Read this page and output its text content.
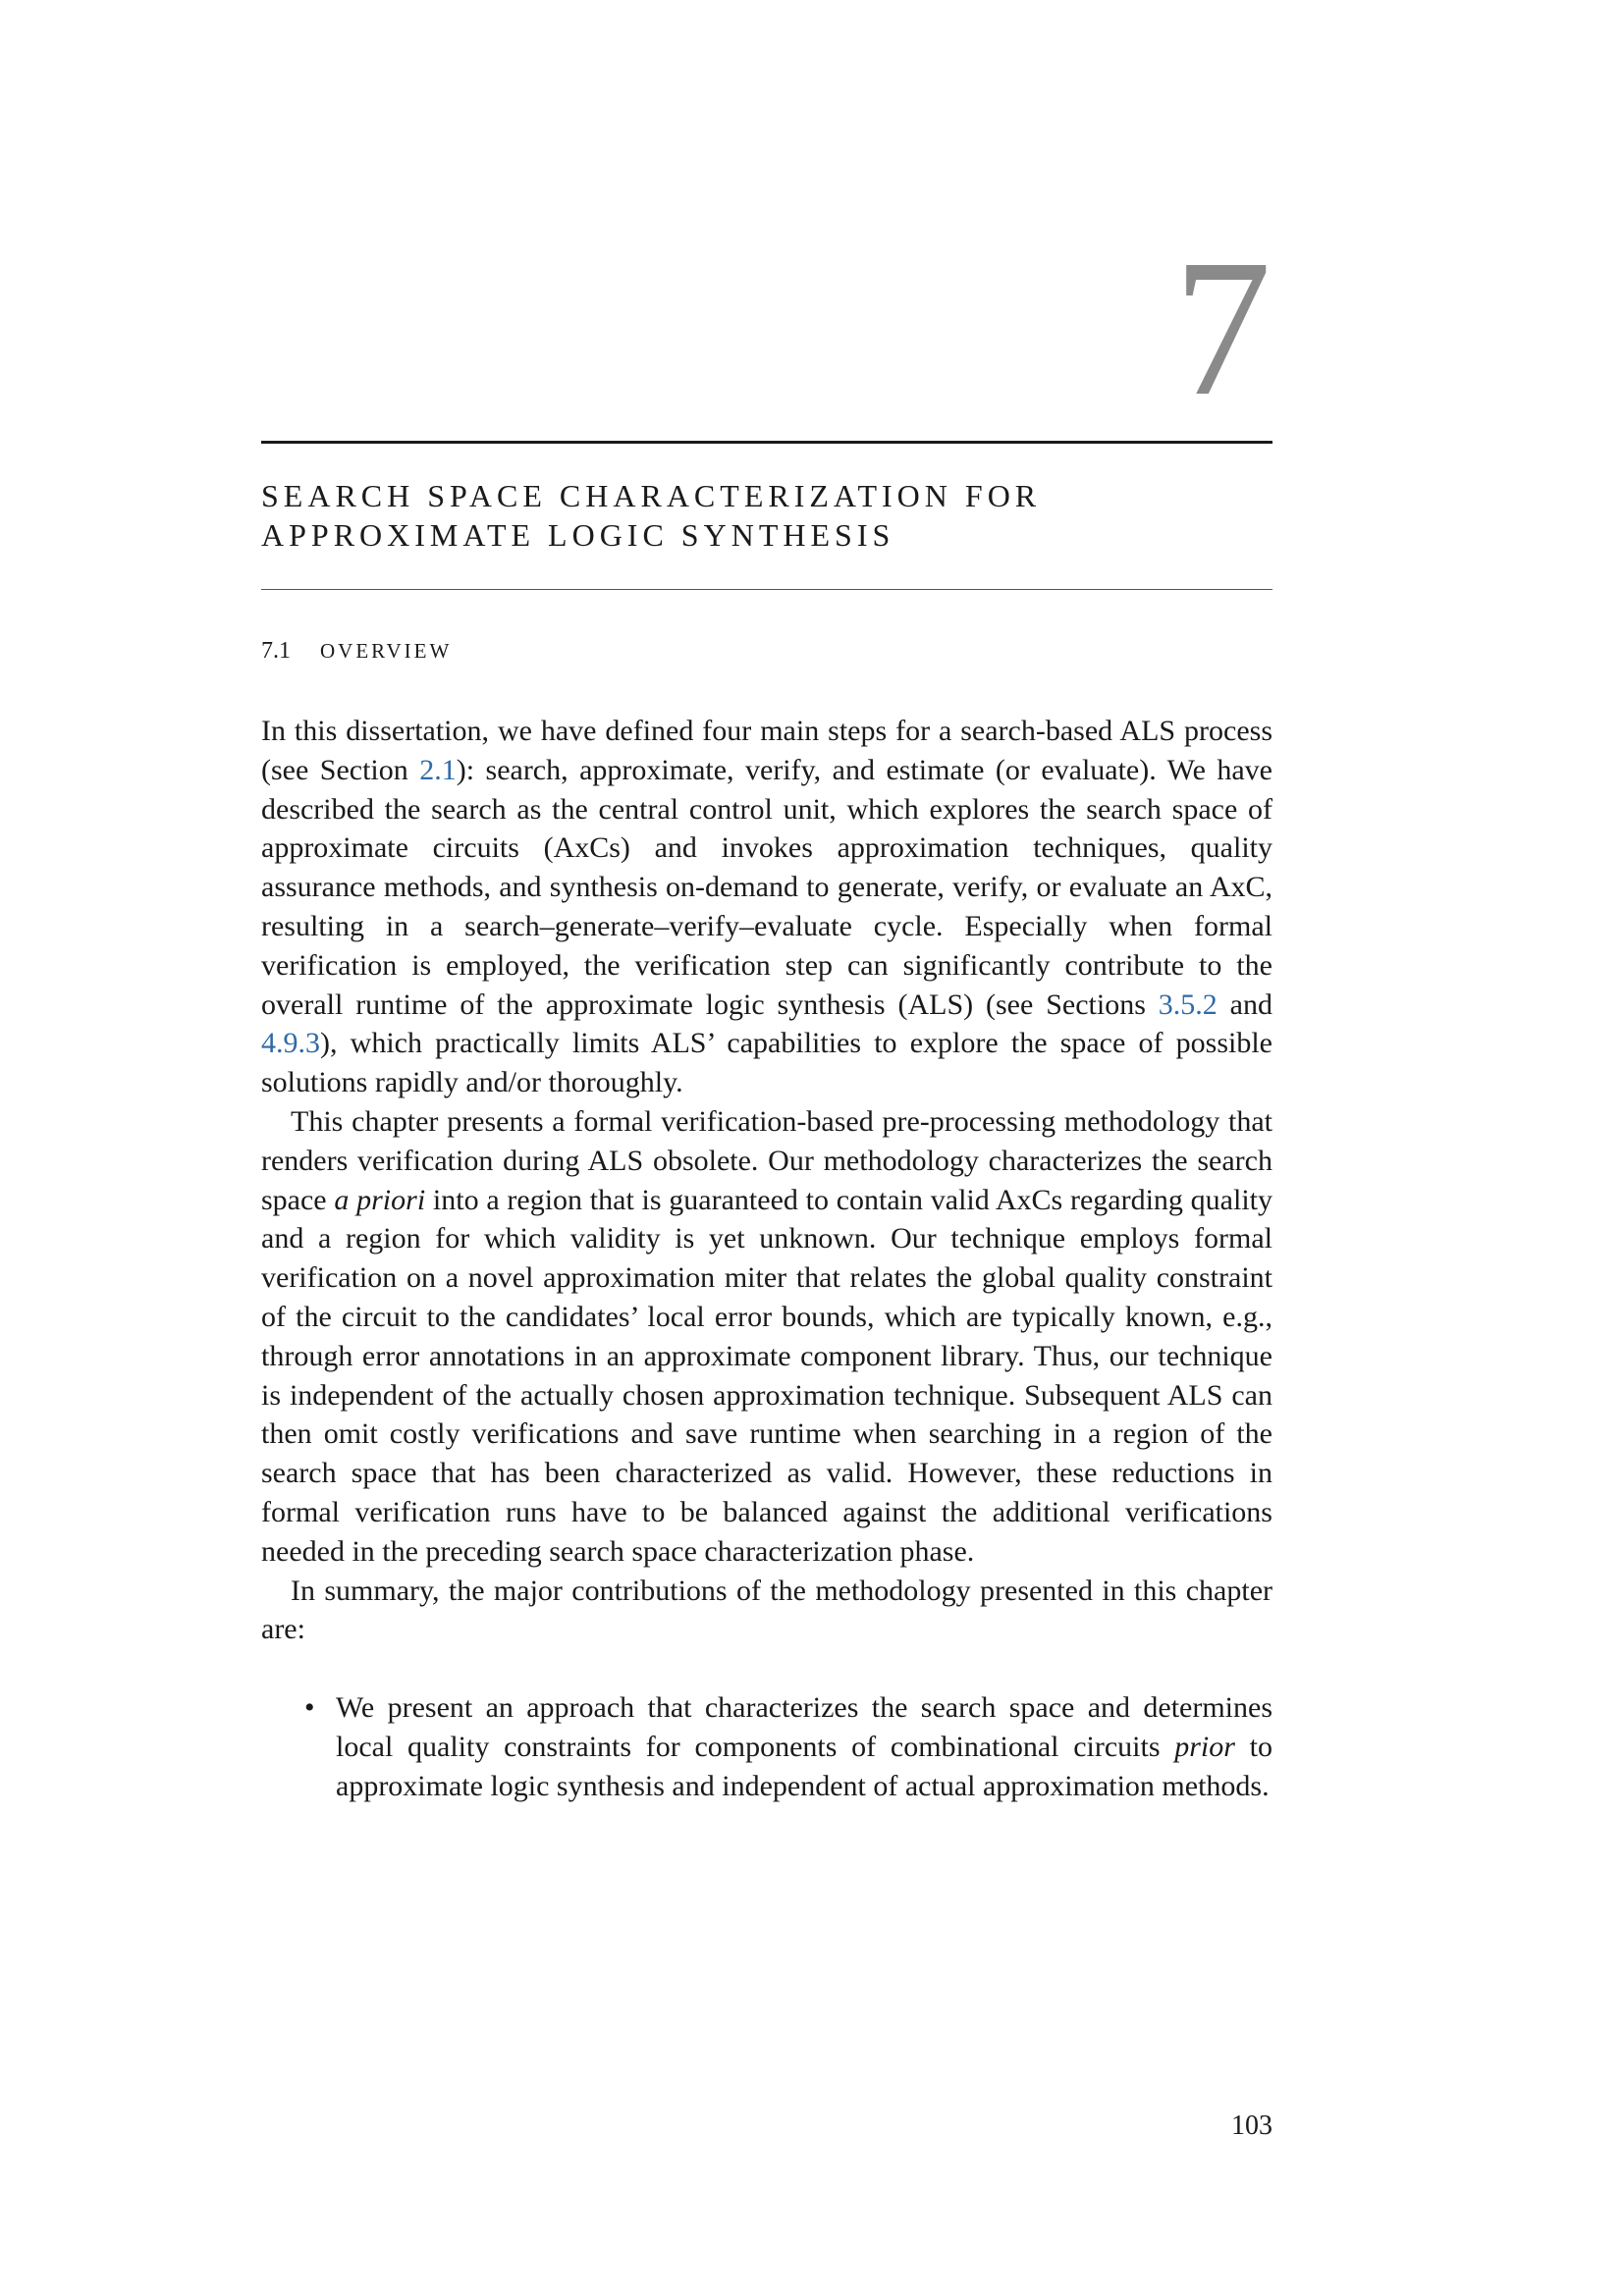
7
SEARCH SPACE CHARACTERIZATION FOR
APPROXIMATE LOGIC SYNTHESIS
7.1 OVERVIEW

In this dissertation, we have defined four main steps for a search-based ALS process (see Section 2.1): search, approximate, verify, and estimate (or evaluate). We have described the search as the central control unit, which explores the search space of approximate circuits (AxCs) and invokes approximation techniques, quality assurance methods, and synthesis on-demand to generate, verify, or evaluate an AxC, resulting in a search–generate–verify–evaluate cycle. Especially when formal verification is employed, the verification step can significantly contribute to the overall runtime of the approximate logic synthesis (ALS) (see Sections 3.5.2 and 4.9.3), which practically limits ALS’ capabilities to explore the space of possible solutions rapidly and/or thoroughly.

This chapter presents a formal verification-based pre-processing methodology that renders verification during ALS obsolete. Our methodology characterizes the search space a priori into a region that is guaranteed to contain valid AxCs regarding quality and a region for which validity is yet unknown. Our technique employs formal verification on a novel approximation miter that relates the global quality constraint of the circuit to the candidates’ local error bounds, which are typically known, e.g., through error annotations in an approximate component library. Thus, our technique is independent of the actually chosen approximation technique. Subsequent ALS can then omit costly verifications and save runtime when searching in a region of the search space that has been characterized as valid. However, these reductions in formal verification runs have to be balanced against the additional verifications needed in the preceding search space characterization phase.

In summary, the major contributions of the methodology presented in this chapter are:

• We present an approach that characterizes the search space and determines local quality constraints for components of combinational circuits prior to approximate logic synthesis and independent of actual approximation methods.
103
